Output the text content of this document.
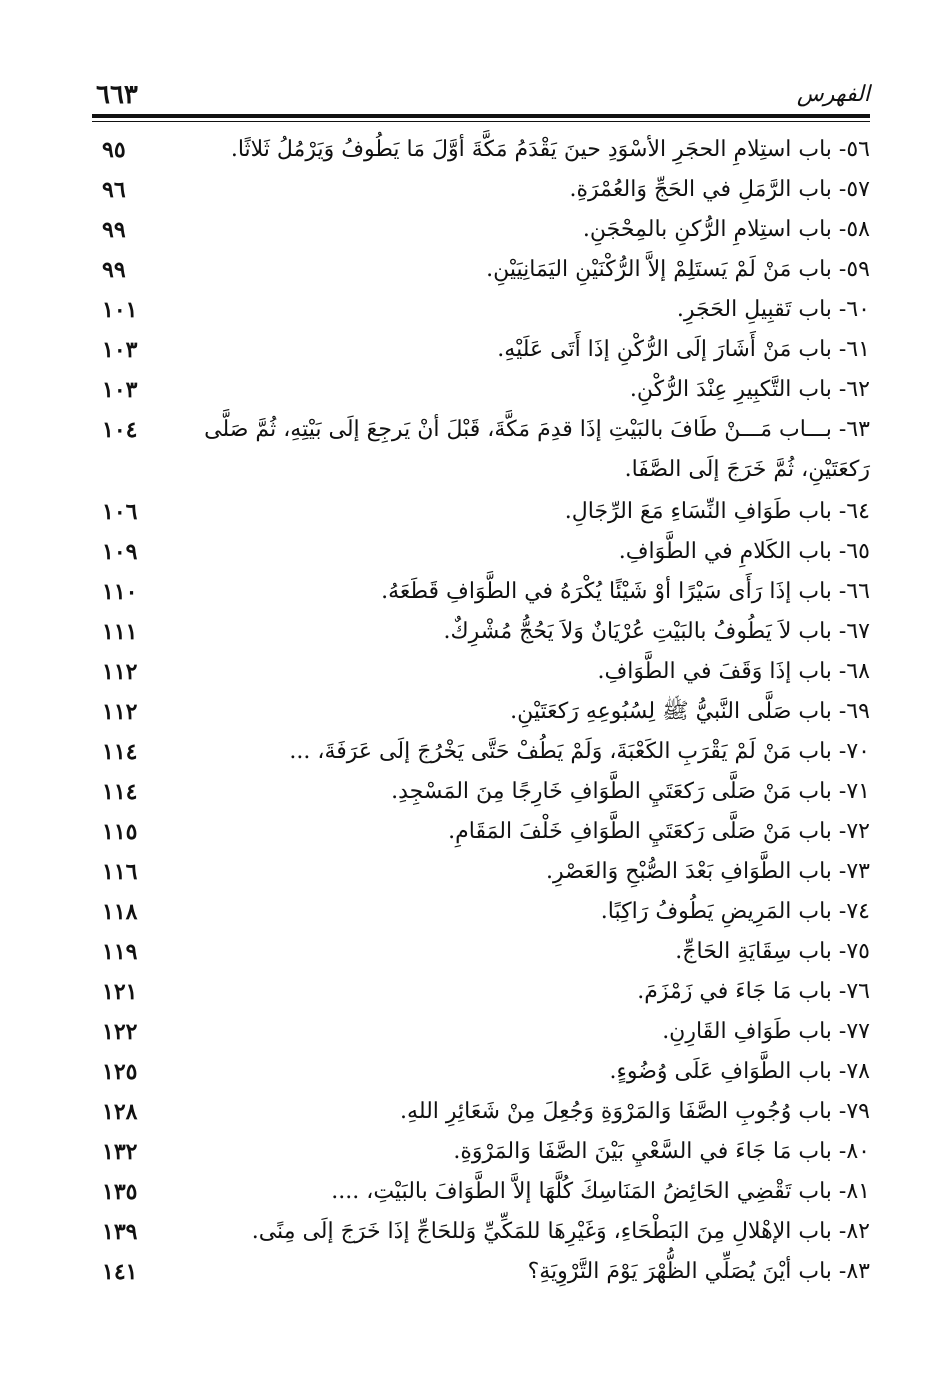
الفهرس
٦٦٣
٥٦- باب استِلامِ الحجَرِ الأسْوَدِ حينَ يَقْدَمُ مَكَّةَ أوَّلَ مَا يَطُوفُ وَيَرْمُلُ ثَلاثًا.
٩٥
٥٧- باب الرَّمَلِ في الحَجِّ وَالعُمْرَةِ.
٩٦
٥٨- باب استِلامِ الرُّكنِ بالمِحْجَنِ.
٩٩
٥٩- باب مَنْ لَمْ يَستَلِمْ إلاَّ الرُّكْنَيْنِ اليَمَانِيَيْنِ.
٩٩
٦٠- باب تَقبِيلِ الحَجَرِ.
١٠١
٦١- باب مَنْ أَشَارَ إلَى الرُّكْنِ إذَا أَتَى عَلَيْهِ.
١٠٣
٦٢- باب التَّكبِيرِ عِنْدَ الرُّكْنِ.
١٠٣
٦٣- بـــاب مَـــنْ طَافَ بالبَيْتِ إذَا قدِمَ مَكَّةَ، قَبْلَ أنْ يَرجِعَ إلَى بَيْتِهِ، ثُمَّ صَلَّى رَكعَتَيْنِ، ثُمَّ خَرَجَ إلَى الصَّفَا.
١٠٤
٦٤- باب طَوَافِ النِّسَاءِ مَعَ الرِّجَالِ.
١٠٦
٦٥- باب الكَلامِ في الطَّوَافِ.
١٠٩
٦٦- باب إذَا رَأَى سَيْرًا أوْ شَيْئًا يُكْرَهُ في الطَّوَافِ قَطَعَهُ.
١١٠
٦٧- باب لاَ يَطُوفُ بالبَيْتِ عُرْيَانٌ وَلاَ يَحُجُّ مُشْرِكٌ.
١١١
٦٨- باب إذَا وَقَفَ في الطَّوَافِ.
١١٢
٦٩- باب صَلَّى النَّبيُّ ﷺ لِسُبُوعِهِ رَكعَتَيْنِ.
١١٢
٧٠- باب مَنْ لَمْ يَقْرَبِ الكَعْبَةَ، وَلَمْ يَطُفْ حَتَّى يَخْرُجَ إلَى عَرَفَةَ، ...
١١٤
٧١- باب مَنْ صَلَّى رَكعَتَيِ الطَّوَافِ خَارِجًا مِنَ المَسْجِدِ.
١١٤
٧٢- باب مَنْ صَلَّى رَكعَتَيِ الطَّوَافِ خَلْفَ المَقَامِ.
١١٥
٧٣- باب الطَّوَافِ بَعْدَ الصُّبْحِ وَالعَصْرِ.
١١٦
٧٤- باب المَرِيضِ يَطُوفُ رَاكِبًا.
١١٨
٧٥- باب سِقَايَةِ الحَاجِّ.
١١٩
٧٦- باب مَا جَاءَ في زَمْزَمَ.
١٢١
٧٧- باب طَوَافِ القَارِنِ.
١٢٢
٧٨- باب الطَّوَافِ عَلَى وُضُوءٍ.
١٢٥
٧٩- باب وُجُوبِ الصَّفَا وَالمَرْوَةِ وَجُعِلَ مِنْ شَعَائِرِ اللهِ.
١٢٨
٨٠- باب مَا جَاءَ في السَّعْيِ بَيْنَ الصَّفَا وَالمَرْوَةِ.
١٣٢
٨١- باب تَقْضِي الحَائِضُ المَنَاسِكَ كُلَّهَا إلاَّ الطَّوَافَ بالبَيْتِ، ....
١٣٥
٨٢- باب الإهْلالِ مِنَ البَطْحَاءِ، وَغَيْرِهَا للمَكِّيِّ وَللحَاجِّ إذَا خَرَجَ إلَى مِنًى.
١٣٩
٨٣- باب أيْنَ يُصَلِّي الظُّهْرَ يَوْمَ التَّرْوِيَةِ؟
١٤١
